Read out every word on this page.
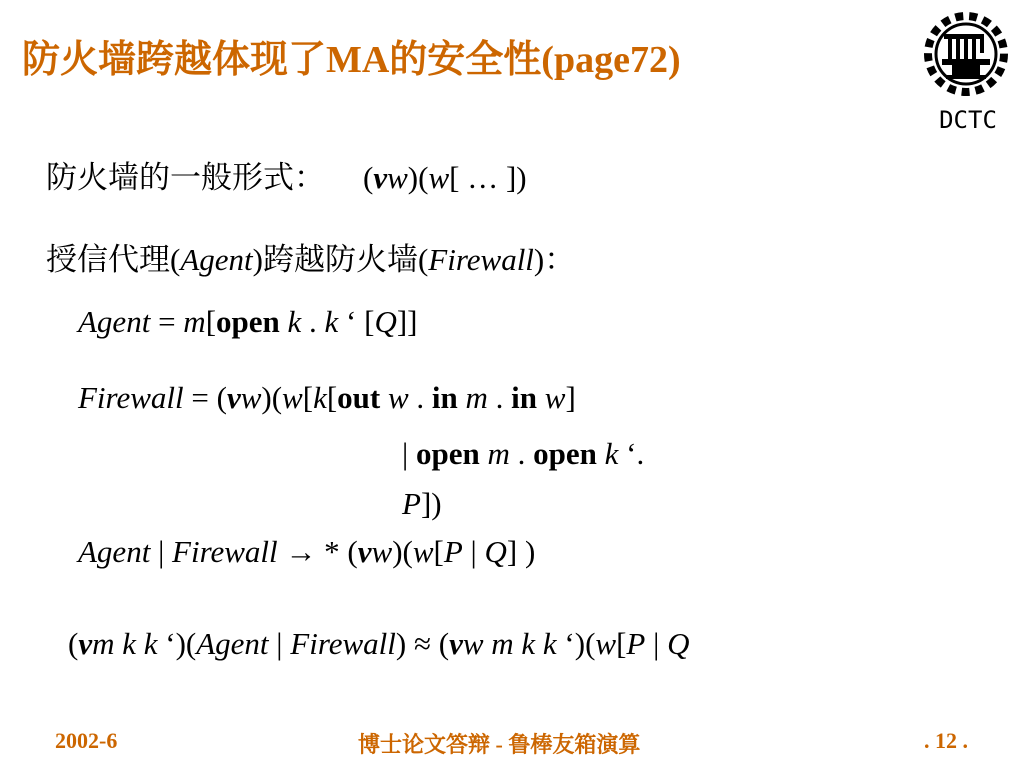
防火墙跨越体现了MA的安全性(page72)
DCTC
防火墙的一般形式： (νw)(w[ … ])
授信代理(Agent)跨越防火墙(Firewall)：
Agent = m[open k . k ‘ [Q]]
Firewall = (νw)(w[k[out w . in m . in w]
| open m . open k ‘.
P])
Agent | Firewall → * (νw)(w[P | Q] )
(νm k k ‘)(Agent | Firewall) ≈ (νw m k k ‘)(w[P | Q
2002-6	博士论文答辩 - 鲁棒友箱演算	. 12 .
